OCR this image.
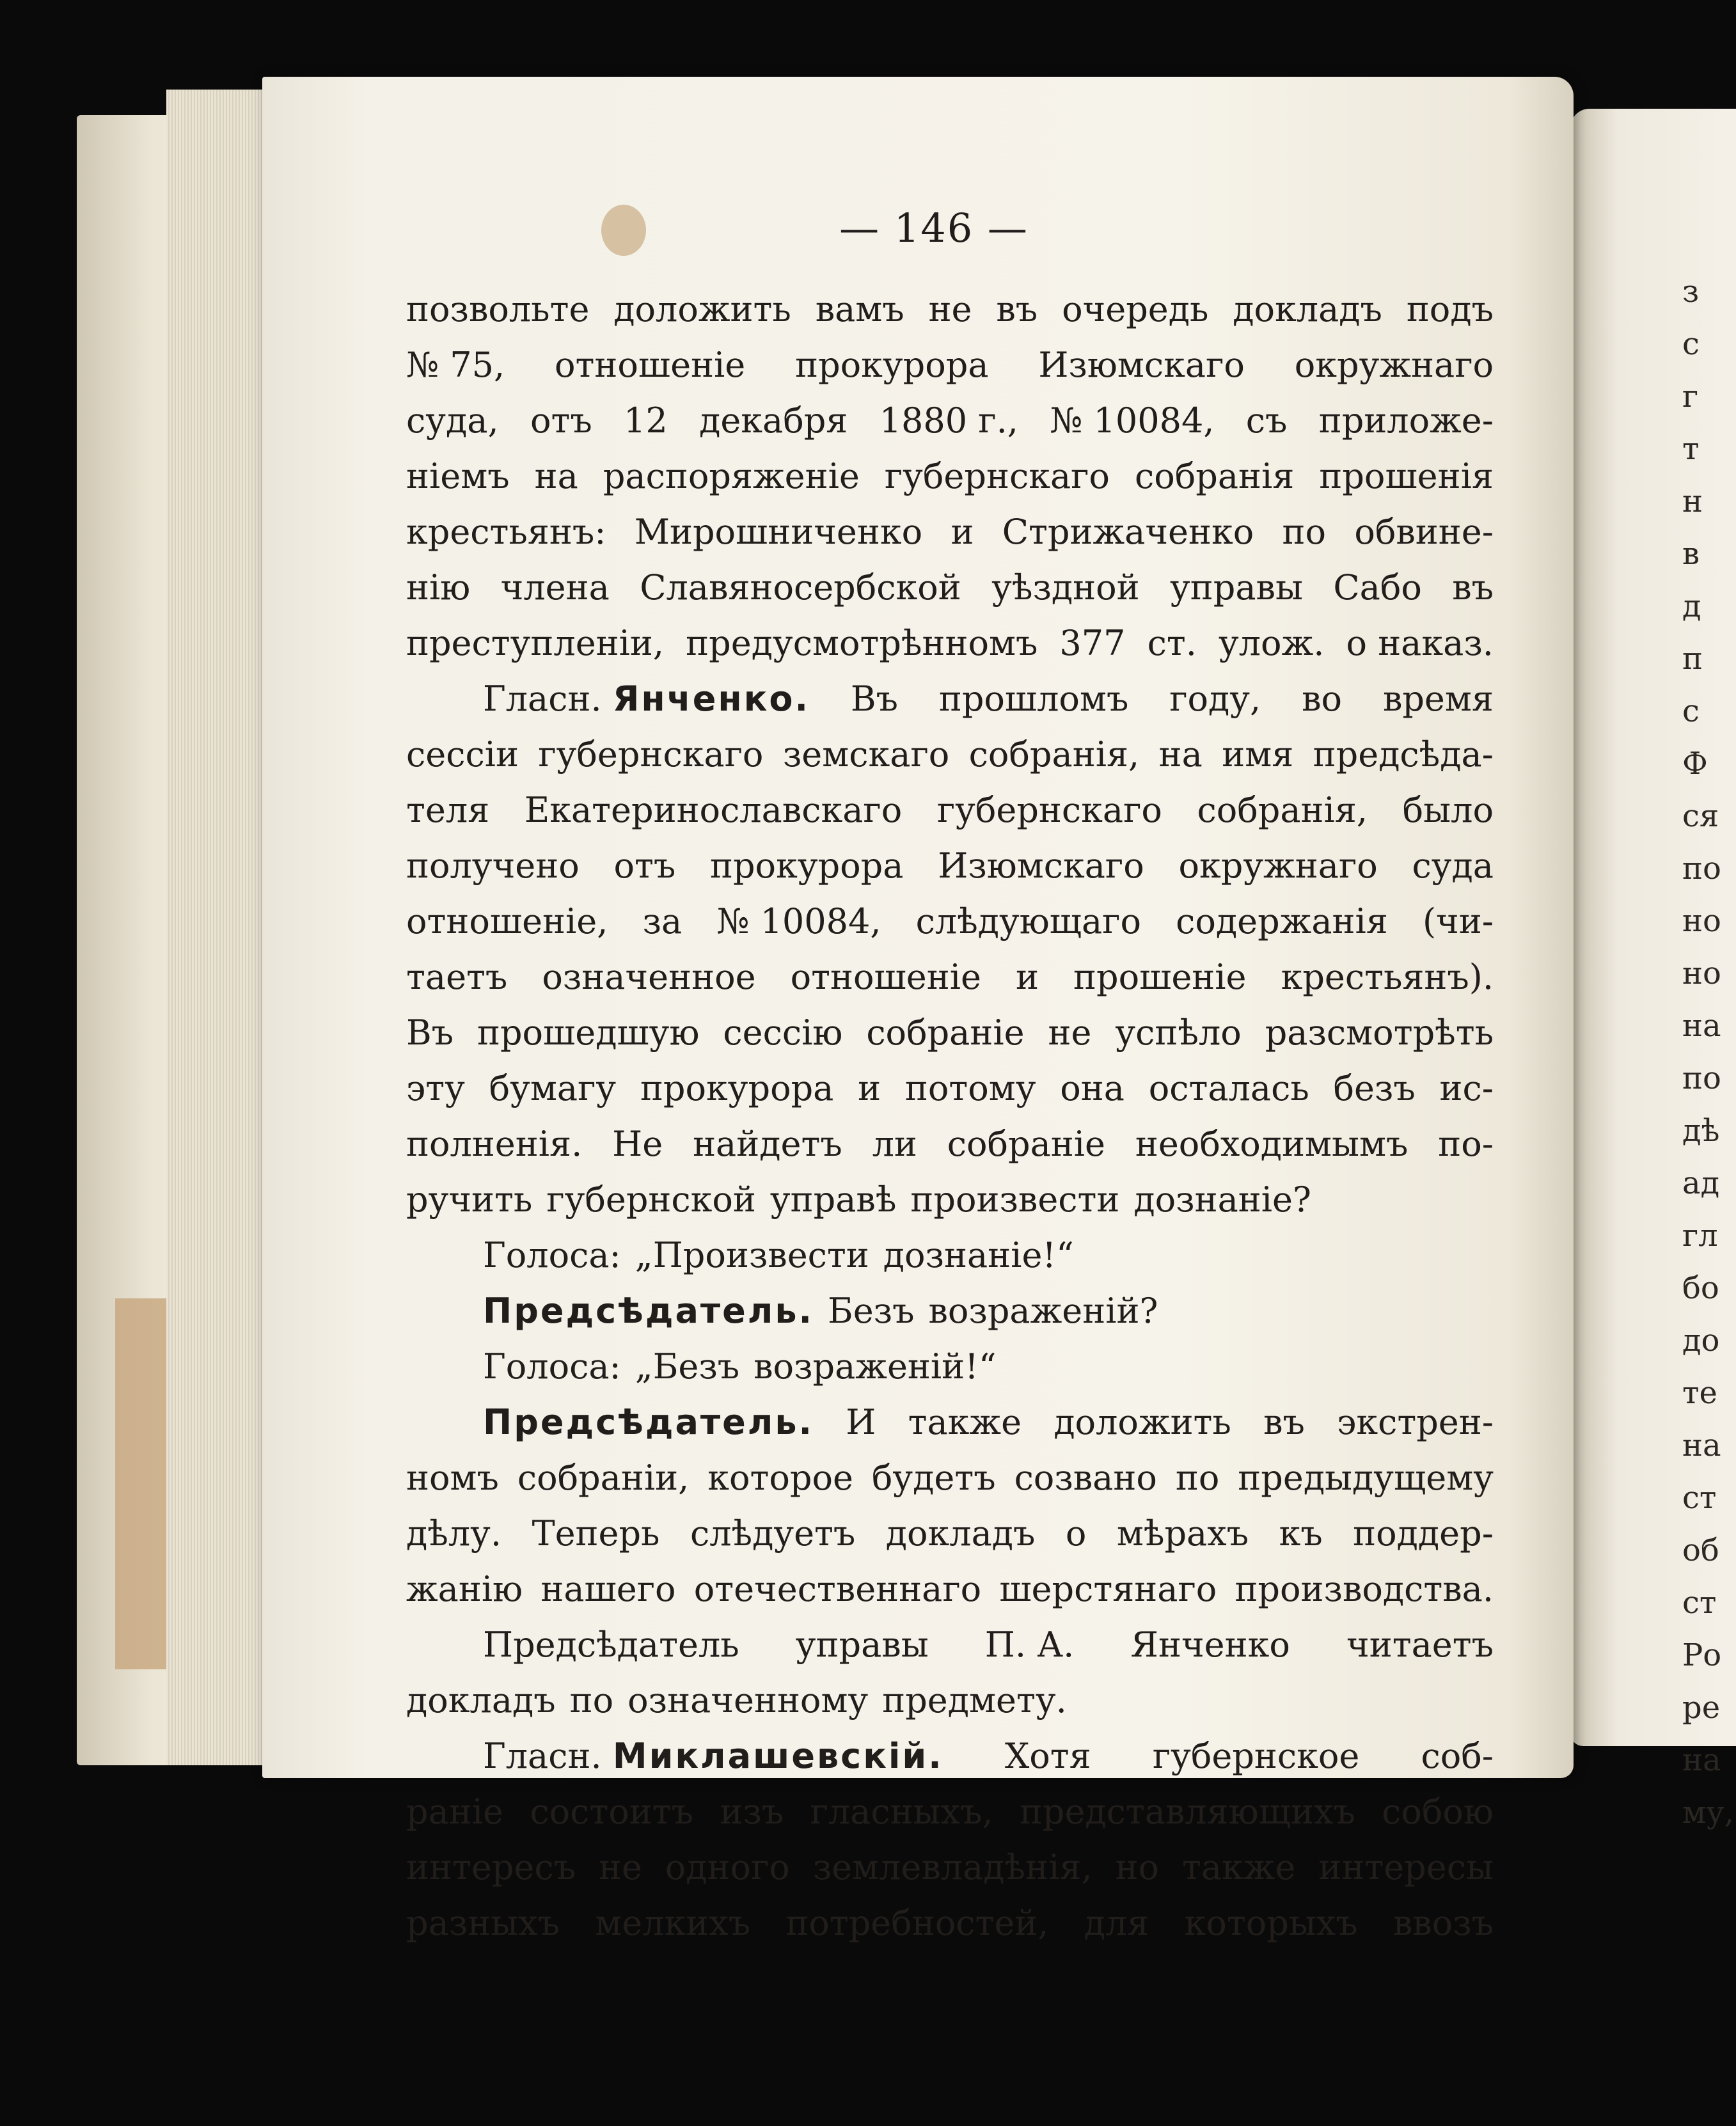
з
с
г
т
н
в
д
п
с
Ф
ся
по
но
но
на
по
дѣ
ад
гл
бо
до
те
на
ст
об
ст
Ро
ре
на
му,
— 146 —
позвольте доложить вамъ не въ очередь докладъ подъ
№ 75, отношеніе прокурора Изюмскаго окружнаго
суда, отъ 12 декабря 1880 г., № 10084, съ приложе-
ніемъ на распоряженіе губернскаго собранія прошенія
крестьянъ: Мирошниченко и Стрижаченко по обвине-
нію члена Славяносербской уѣздной управы Сабо въ
преступленіи, предусмотрѣнномъ 377 ст. улож. о наказ.
Гласн. Янченко. Въ прошломъ году, во время
сессіи губернскаго земскаго собранія, на имя предсѣда-
теля Екатеринославскаго губернскаго собранія, было
получено отъ прокурора Изюмскаго окружнаго суда
отношеніе, за № 10084, слѣдующаго содержанія (чи-
таетъ означенное отношеніе и прошеніе крестьянъ).
Въ прошедшую сессію собраніе не успѣло разсмотрѣть
эту бумагу прокурора и потому она осталась безъ ис-
полненія. Не найдетъ ли собраніе необходимымъ по-
ручить губернской управѣ произвести дознаніе?
Голоса: „Произвести дознаніе!“
Предсѣдатель. Безъ возраженій?
Голоса: „Безъ возраженій!“
Предсѣдатель. И также доложить въ экстрен-
номъ собраніи, которое будетъ созвано по предыдущему
дѣлу. Теперь слѣдуетъ докладъ о мѣрахъ къ поддер-
жанію нашего отечественнаго шерстянаго производства.
Предсѣдатель управы П. А. Янченко читаетъ
докладъ по означенному предмету.
Гласн. Миклашевскій. Хотя губернское соб-
раніе состоитъ изъ гласныхъ, представляющихъ собою
интересъ не одного землевладѣнія, но также интересы
разныхъ мелкихъ потребностей, для которыхъ ввозъ
